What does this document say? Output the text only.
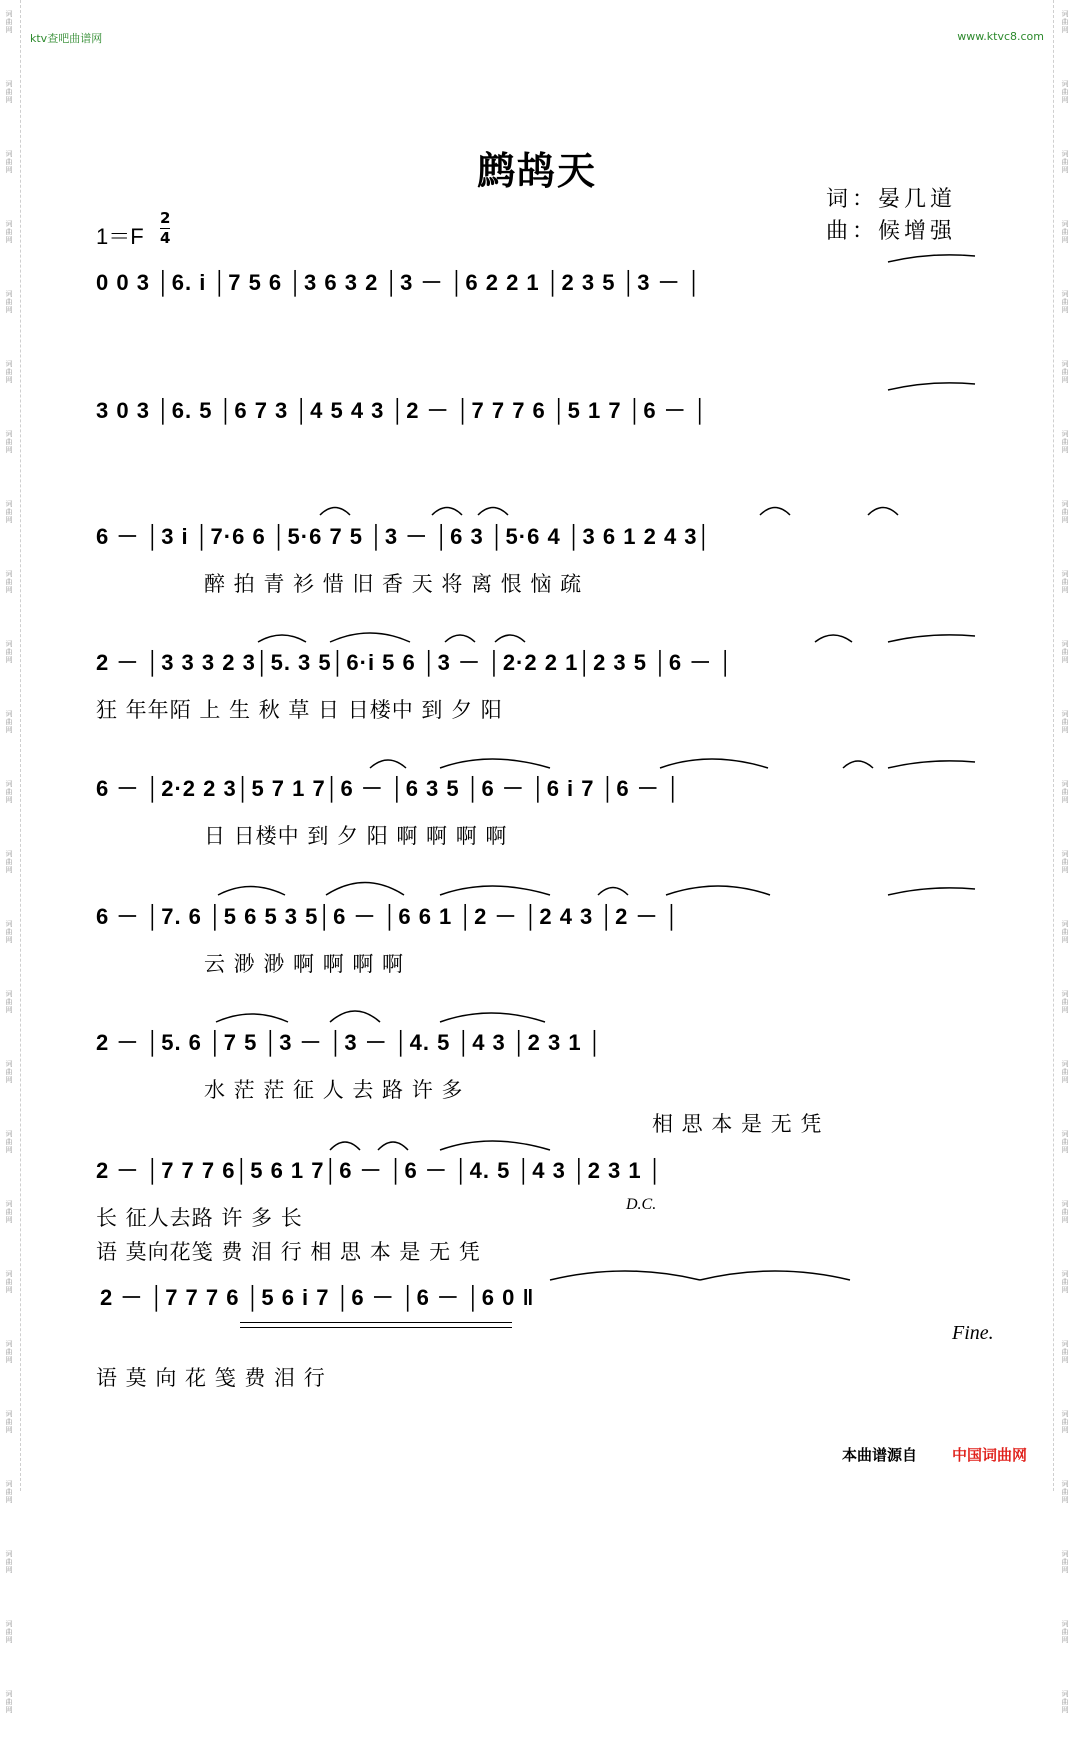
词
曲
网
词
曲
网
词
曲
网
词
曲
网
词
曲
网
词
曲
网
词
曲
网
词
曲
网
词
曲
网
词
曲
网
词
曲
网
词
曲
网
词
曲
网
词
曲
网
词
曲
网
词
曲
网
词
曲
网
词
曲
网
词
曲
网
词
曲
网
词
曲
网
词
曲
网
词
曲
网
词
曲
网
词
曲
网
词
曲
网
词
曲
网
词
曲
网
词
曲
网
词
曲
网
词
曲
网
词
曲
网
词
曲
网
词
曲
网
词
曲
网
词
曲
网
词
曲
网
词
曲
网
词
曲
网
词
曲
网
词
曲
网
词
曲
网
词
曲
网
词
曲
网
词
曲
网
词
曲
网
词
曲
网
词
曲
网
词
曲
网
词
曲
网
ktv查吧曲谱网	www.ktvc8.com
鹧鸪天
词：晏几道
曲：候增强
1＝F
2
4
0 0 3 │6. i │7 5 6 │3 6 3 2 │3 － │6 2 2 1 │2 3 5 │3 － │
3 0 3 │6. 5 │6 7 3 │4 5 4 3 │2 － │7 7 7 6 │5 1 7 │6 － │
6 － │3 i │7·6 6 │5·6 7 5 │3 － │6 3 │5·6 4 │3 6 1 2 4 3│
醉 拍 青 衫 惜 旧 香 天 将 离 恨 恼 疏
2 － │3 3 3 2 3│5. 3 5│6·i 5 6 │3 － │2·2 2 1│2 3 5 │6 － │
狂 年年陌 上 生 秋 草 日 日楼中 到 夕 阳
6 － │2·2 2 3│5 7 1 7│6 － │6 3 5 │6 － │6 i 7 │6 － │
日 日楼中 到 夕 阳 啊 啊 啊 啊
6 － │7. 6 │5 6 5 3 5│6 － │6 6 1 │2 － │2 4 3 │2 － │
云 渺 渺 啊 啊 啊 啊
2 － │5. 6 │7 5 │3 － │3 － │4. 5 │4 3 │2 3 1 │
水 茫 茫 征 人 去 路 许 多
相 思 本 是 无 凭
2 － │7 7 7 6│5 6 1 7│6 － │6 － │4. 5 │4 3 │2 3 1 │
长 征人去路 许 多 长
语 莫向花笺 费 泪 行 相 思 本 是 无 凭
D.C.
2 － │7 7 7 6 │5 6 i 7 │6 － │6 － │6 0 ‖
Fine.
语 莫 向 花 笺 费 泪 行
本曲谱源自 中国词曲网
